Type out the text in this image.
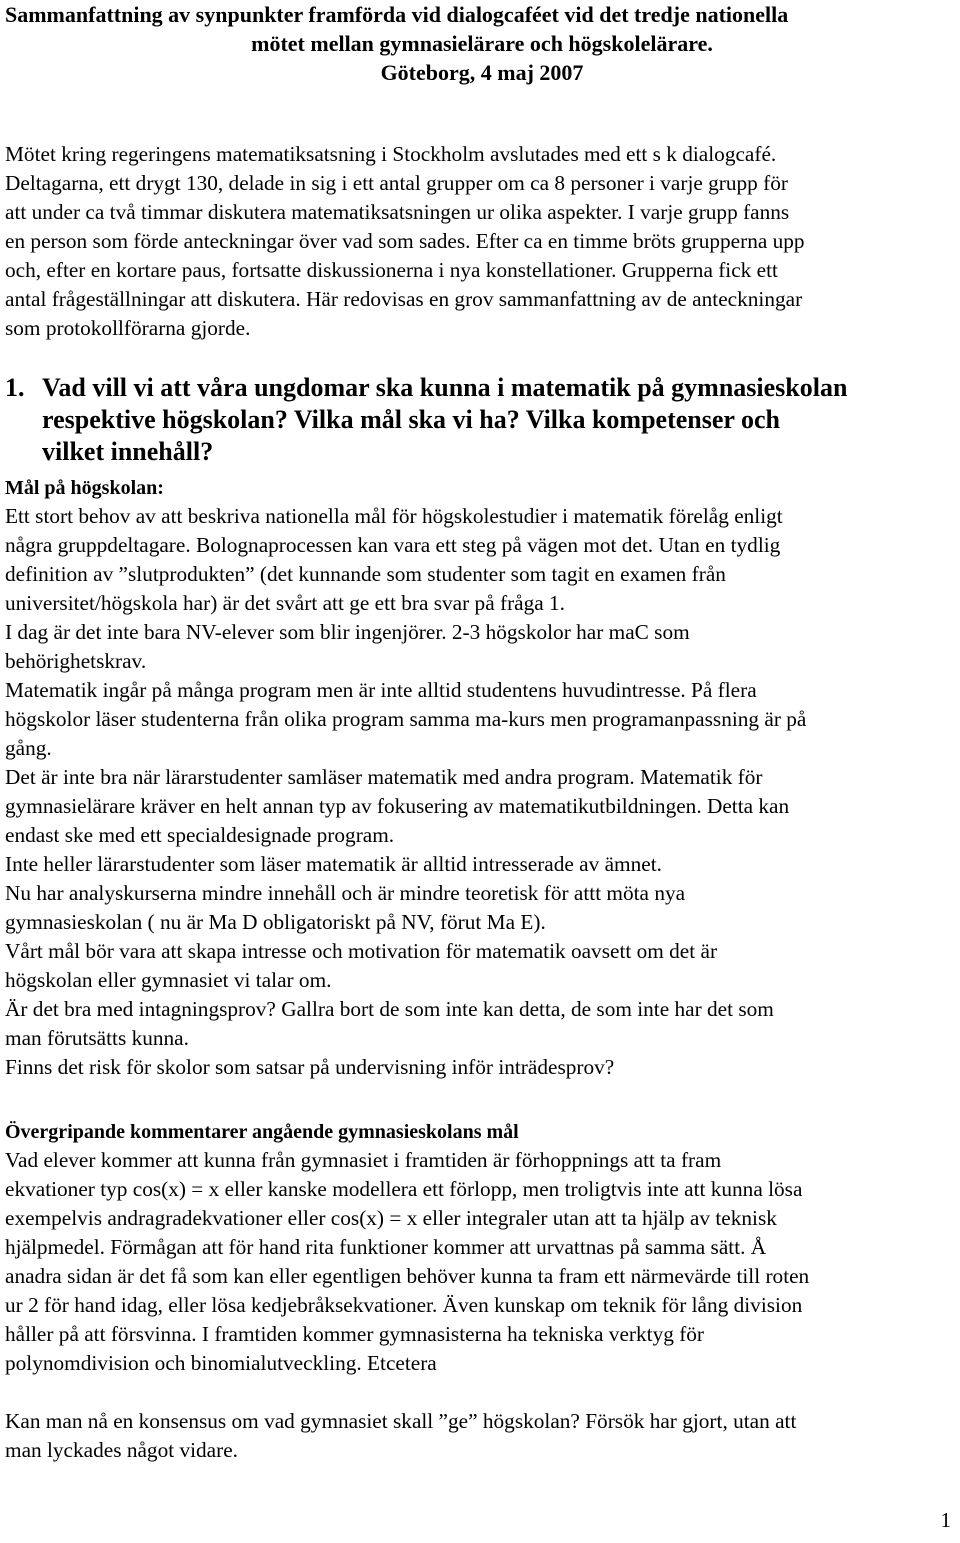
Sammanfattning av synpunkter framförda vid dialogcaféet vid det tredje nationella
mötet mellan gymnasielärare och högskolelärare.
Göteborg, 4 maj 2007
Mötet kring regeringens matematiksatsning i Stockholm avslutades med ett s k dialogcafé.
Deltagarna, ett drygt 130, delade in sig i ett antal grupper om ca 8 personer i varje grupp för
att under ca två timmar diskutera matematiksatsningen ur olika aspekter. I varje grupp fanns
en person som förde anteckningar över vad som sades. Efter ca en timme bröts grupperna upp
och, efter en kortare paus, fortsatte diskussionerna i nya konstellationer. Grupperna fick ett
antal frågeställningar att diskutera. Här redovisas en grov sammanfattning av de anteckningar
som protokollförarna gjorde.
1. Vad vill vi att våra ungdomar ska kunna i matematik på gymnasieskolan
respektive högskolan? Vilka mål ska vi ha? Vilka kompetenser och
vilket innehåll?
Mål på högskolan:
Ett stort behov av att beskriva nationella mål för högskolestudier i matematik förelåg enligt
några gruppdeltagare. Bolognaprocessen kan vara ett steg på vägen mot det. Utan en tydlig
definition av ”slutprodukten” (det kunnande som studenter som tagit en examen från
universitet/högskola har) är det svårt att ge ett bra svar på fråga 1.
I dag är det inte bara NV-elever som blir ingenjörer. 2-3 högskolor har maC som
behörighetskrav.
Matematik ingår på många program men är inte alltid studentens huvudintresse. På flera
högskolor läser studenterna från olika program samma ma-kurs men programanpassning är på
gång.
Det är inte bra när lärarstudenter samläser matematik med andra program. Matematik för
gymnasielärare kräver en helt annan typ av fokusering av matematikutbildningen. Detta kan
endast ske med ett specialdesignade program.
Inte heller lärarstudenter som läser matematik är alltid intresserade av ämnet.
Nu har analyskurserna mindre innehåll och är mindre teoretisk för attt möta nya
gymnasieskolan ( nu är Ma D obligatoriskt på NV, förut Ma E).
Vårt mål bör vara att skapa intresse och motivation för matematik oavsett om det är
högskolan eller gymnasiet vi talar om.
Är det bra med intagningsprov? Gallra bort de som inte kan detta, de som inte har det som
man förutsätts kunna.
Finns det risk för skolor som satsar på undervisning inför inträdesprov?
Övergripande kommentarer angående gymnasieskolans mål
Vad elever kommer att kunna från gymnasiet i framtiden är förhoppnings att ta fram
ekvationer typ cos(x) = x eller kanske modellera ett förlopp, men troligtvis inte att kunna lösa
exempelvis andragradekvationer eller cos(x) = x eller integraler utan att ta hjälp av teknisk
hjälpmedel. Förmågan att för hand rita funktioner kommer att urvattnas på samma sätt. Å
anadra sidan är det få som kan eller egentligen behöver kunna ta fram ett närmevärde till roten
ur 2 för hand idag, eller lösa kedjebråksekvationer. Även kunskap om teknik för lång division
håller på att försvinna. I framtiden kommer gymnasisterna ha tekniska verktyg för
polynomdivision och binomialutveckling. Etcetera
Kan man nå en konsensus om vad gymnasiet skall ”ge” högskolan? Försök har gjort, utan att
man lyckades något vidare.
1
